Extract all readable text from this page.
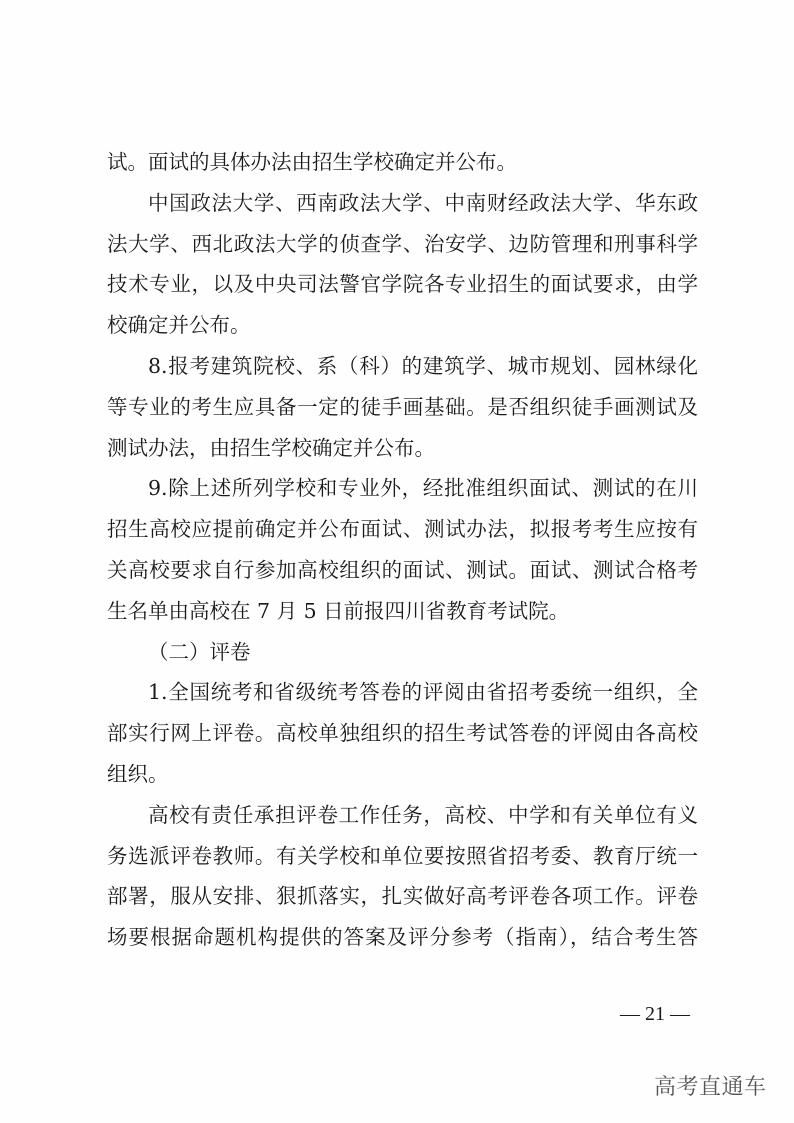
试。面试的具体办法由招生学校确定并公布。
中国政法大学、西南政法大学、中南财经政法大学、华东政
法大学、西北政法大学的侦查学、治安学、边防管理和刑事科学
技术专业，以及中央司法警官学院各专业招生的面试要求，由学
校确定并公布。
8.报考建筑院校、系（科）的建筑学、城市规划、园林绿化
等专业的考生应具备一定的徒手画基础。是否组织徒手画测试及
测试办法，由招生学校确定并公布。
9.除上述所列学校和专业外，经批准组织面试、测试的在川
招生高校应提前确定并公布面试、测试办法，拟报考考生应按有
关高校要求自行参加高校组织的面试、测试。面试、测试合格考
生名单由高校在 7 月 5 日前报四川省教育考试院。
（二）评卷
1.全国统考和省级统考答卷的评阅由省招考委统一组织，全
部实行网上评卷。高校单独组织的招生考试答卷的评阅由各高校
组织。
高校有责任承担评卷工作任务，高校、中学和有关单位有义
务选派评卷教师。有关学校和单位要按照省招考委、教育厅统一
部署，服从安排、狠抓落实，扎实做好高考评卷各项工作。评卷
场要根据命题机构提供的答案及评分参考（指南），结合考生答
— 21 —
高考直通车
